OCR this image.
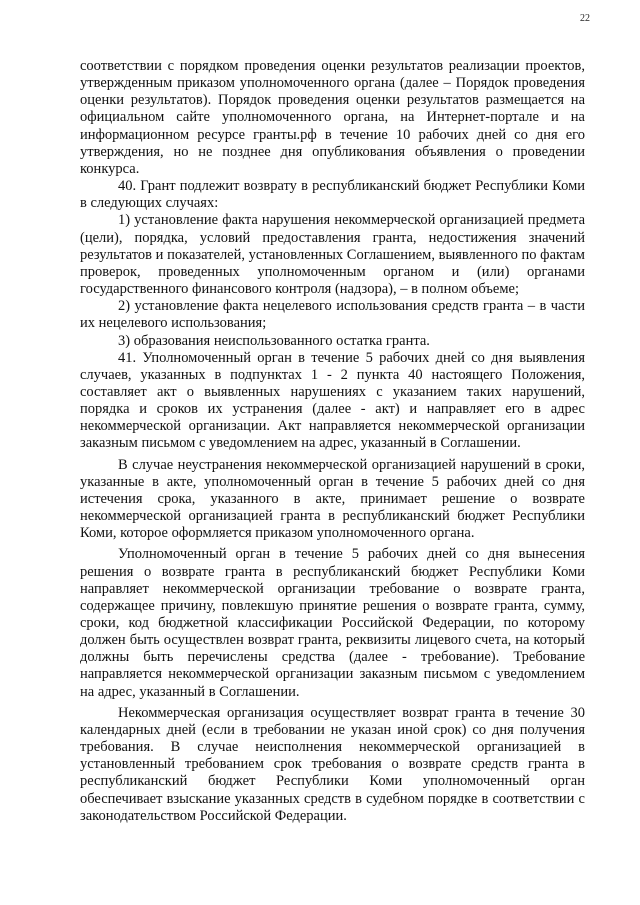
22

соответствии с порядком проведения оценки результатов реализации проектов, утвержденным приказом уполномоченного органа (далее – Порядок проведения оценки результатов). Порядок проведения оценки результатов размещается на официальном сайте уполномоченного органа, на Интернет-портале и на информационном ресурсе гранты.рф в течение 10 рабочих дней со дня его утверждения, но не позднее дня опубликования объявления о проведении конкурса.

40. Грант подлежит возврату в республиканский бюджет Республики Коми в следующих случаях:

1) установление факта нарушения некоммерческой организацией предмета (цели), порядка, условий предоставления гранта, недостижения значений результатов и показателей, установленных Соглашением, выявленного по фактам проверок, проведенных уполномоченным органом и (или) органами государственного финансового контроля (надзора), – в полном объеме;

2) установление факта нецелевого использования средств гранта – в части их нецелевого использования;

3) образования неиспользованного остатка гранта.

41. Уполномоченный орган в течение 5 рабочих дней со дня выявления случаев, указанных в подпунктах 1 - 2 пункта 40 настоящего Положения, составляет акт о выявленных нарушениях с указанием таких нарушений, порядка и сроков их устранения (далее - акт) и направляет его в адрес некоммерческой организации. Акт направляется некоммерческой организации заказным письмом с уведомлением на адрес, указанный в Соглашении.

В случае неустранения некоммерческой организацией нарушений в сроки, указанные в акте, уполномоченный орган в течение 5 рабочих дней со дня истечения срока, указанного в акте, принимает решение о возврате некоммерческой организацией гранта в республиканский бюджет Республики Коми, которое оформляется приказом уполномоченного органа.

Уполномоченный орган в течение 5 рабочих дней со дня вынесения решения о возврате гранта в республиканский бюджет Республики Коми направляет некоммерческой организации требование о возврате гранта, содержащее причину, повлекшую принятие решения о возврате гранта, сумму, сроки, код бюджетной классификации Российской Федерации, по которому должен быть осуществлен возврат гранта, реквизиты лицевого счета, на который должны быть перечислены средства (далее - требование). Требование направляется некоммерческой организации заказным письмом с уведомлением на адрес, указанный в Соглашении.

Некоммерческая организация осуществляет возврат гранта в течение 30 календарных дней (если в требовании не указан иной срок) со дня получения требования. В случае неисполнения некоммерческой организацией в установленный требованием срок требования о возврате средств гранта в республиканский бюджет Республики Коми уполномоченный орган обеспечивает взыскание указанных средств в судебном порядке в соответствии с законодательством Российской Федерации.
